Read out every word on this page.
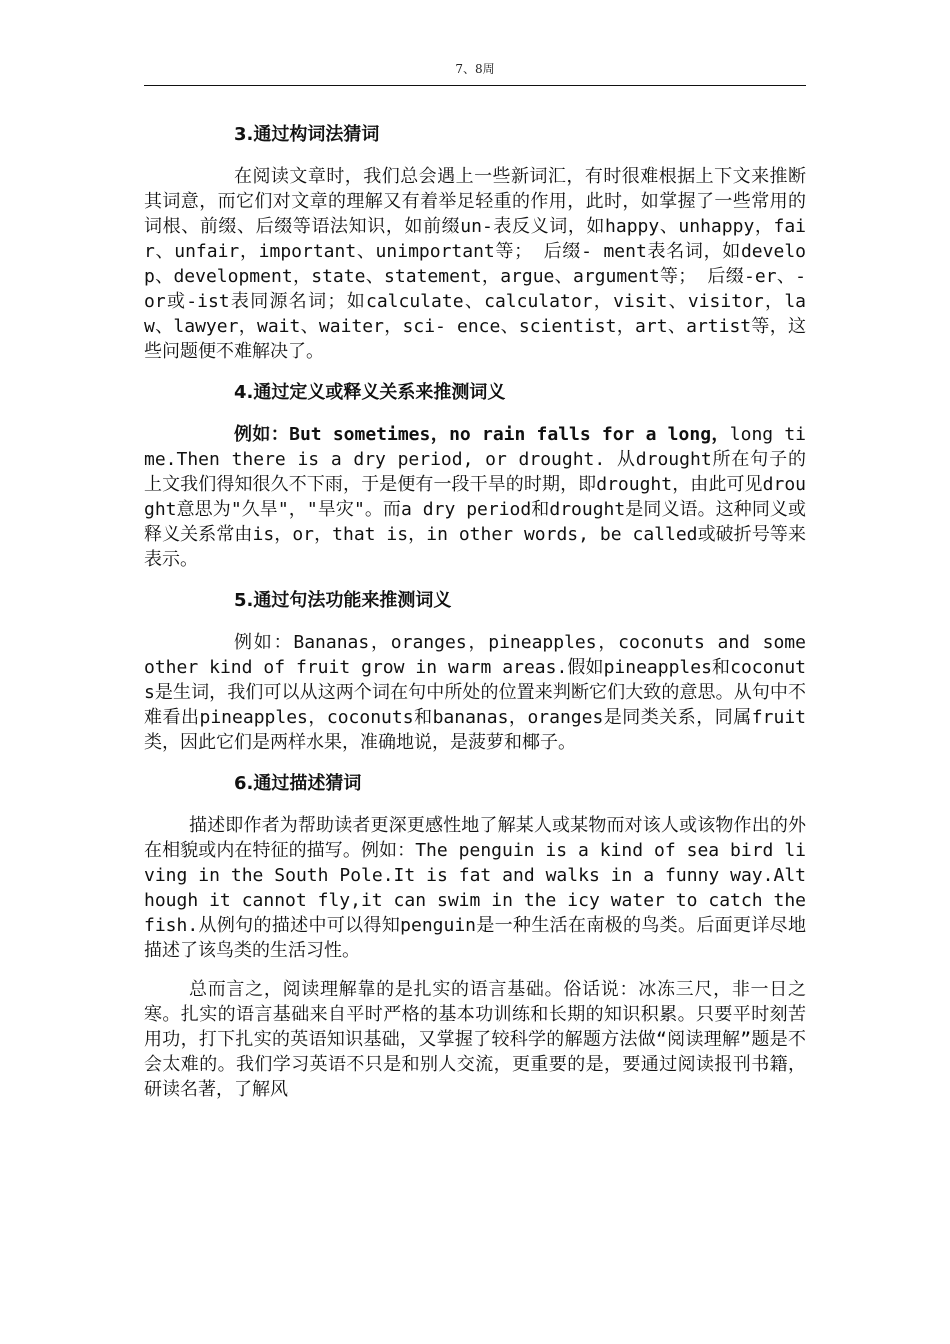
7、8周
3.通过构词法猜词

在阅读文章时，我们总会遇上一些新词汇，有时很难根据上下文来推断其词意，而它们对文章的理解又有着举足轻重的作用，此时，如掌握了一些常用的词根、前缀、后缀等语法知识，如前缀un-表反义词，如happy、unhappy，fair、unfair，important、unimportant等； 后缀- ment表名词，如develop、development，state、statement，argue、argument等； 后缀-er、-or或-ist表同源名词；如calculate、calculator，visit、visitor，law、lawyer，wait、waiter，sci- ence、scientist，art、artist等，这些问题便不难解决了。

4.通过定义或释义关系来推测词义

例如：But sometimes，no rain falls for a long，long time.Then there is a dry period, or drought. 从drought所在句子的上文我们得知很久不下雨，于是便有一段干旱的时期，即drought，由此可见drought意思为"久旱"，"旱灾"。而a dry period和drought是同义语。这种同义或释义关系常由is，or，that is，in other words, be called或破折号等来表示。

5.通过句法功能来推测词义

例如：Bananas，oranges，pineapples，coconuts and some other kind of fruit grow in warm areas.假如pineapples和coconuts是生词，我们可以从这两个词在句中所处的位置来判断它们大致的意思。从句中不难看出pineapples，coconuts和bananas，oranges是同类关系，同属fruit类，因此它们是两样水果，准确地说，是菠萝和椰子。

6.通过描述猜词

描述即作者为帮助读者更深更感性地了解某人或某物而对该人或该物作出的外在相貌或内在特征的描写。例如：The penguin is a kind of sea bird living in the South Pole.It is fat and walks in a funny way.Although it cannot fly,it can swim in the icy water to catch the fish.从例句的描述中可以得知penguin是一种生活在南极的鸟类。后面更详尽地描述了该鸟类的生活习性。

总而言之，阅读理解靠的是扎实的语言基础。俗话说：冰冻三尺，非一日之寒。扎实的语言基础来自平时严格的基本功训练和长期的知识积累。只要平时刻苦用功，打下扎实的英语知识基础，又掌握了较科学的解题方法做“阅读理解”题是不会太难的。我们学习英语不只是和别人交流，更重要的是，要通过阅读报刊书籍，研读名著，了解风
